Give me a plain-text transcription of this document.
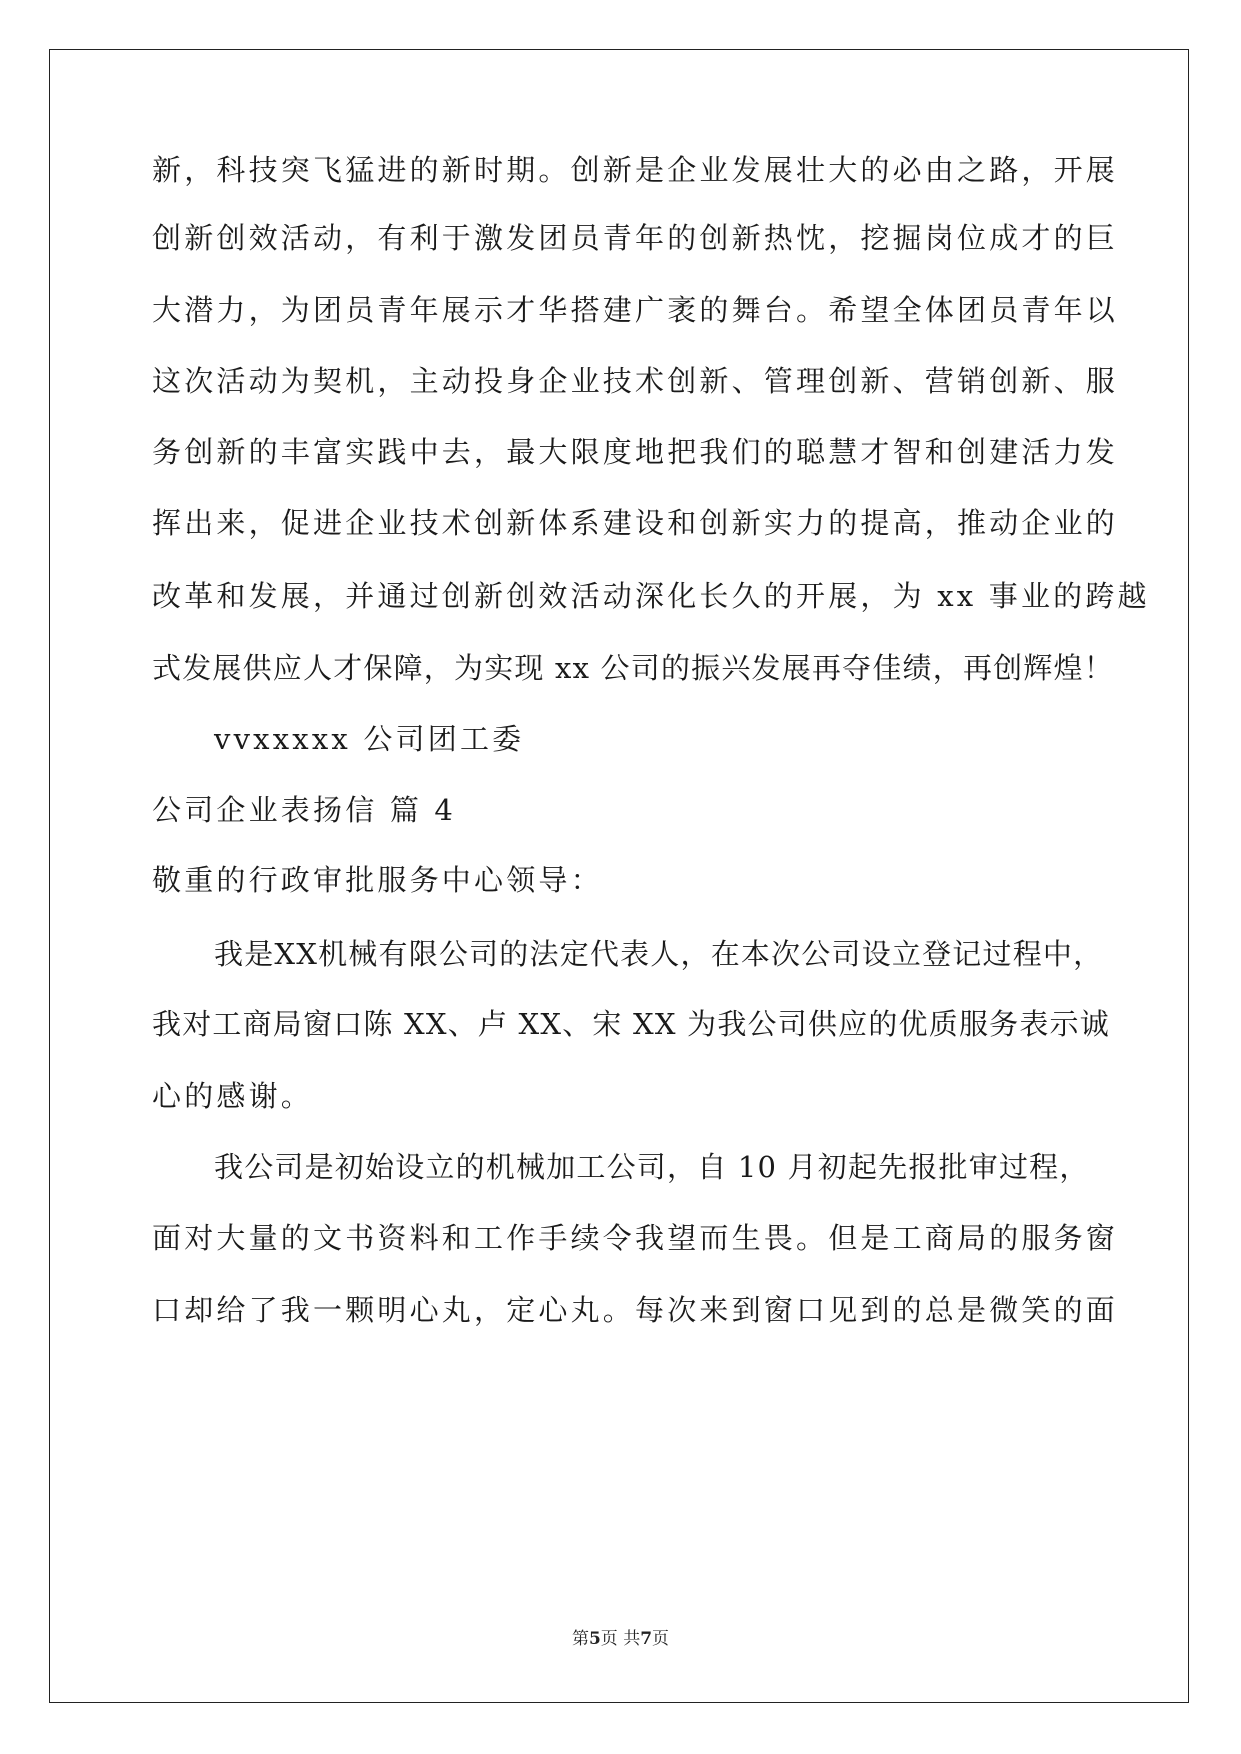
新，科技突飞猛进的新时期。创新是企业发展壮大的必由之路，开展
创新创效活动，有利于激发团员青年的创新热忱，挖掘岗位成才的巨
大潜力，为团员青年展示才华搭建广袤的舞台。希望全体团员青年以
这次活动为契机，主动投身企业技术创新、管理创新、营销创新、服
务创新的丰富实践中去，最大限度地把我们的聪慧才智和创建活力发
挥出来，促进企业技术创新体系建设和创新实力的提高，推动企业的
改革和发展，并通过创新创效活动深化长久的开展，为 xx 事业的跨越
式发展供应人才保障，为实现 xx 公司的振兴发展再夺佳绩，再创辉煌！
vvxxxxx 公司团工委
公司企业表扬信 篇 4
敬重的行政审批服务中心领导：
我是XX机械有限公司的法定代表人，在本次公司设立登记过程中，
我对工商局窗口陈 XX、卢 XX、宋 XX 为我公司供应的优质服务表示诚
心的感谢。
我公司是初始设立的机械加工公司，自 10 月初起先报批审过程，
面对大量的文书资料和工作手续令我望而生畏。但是工商局的服务窗
口却给了我一颗明心丸，定心丸。每次来到窗口见到的总是微笑的面
第5页 共7页
